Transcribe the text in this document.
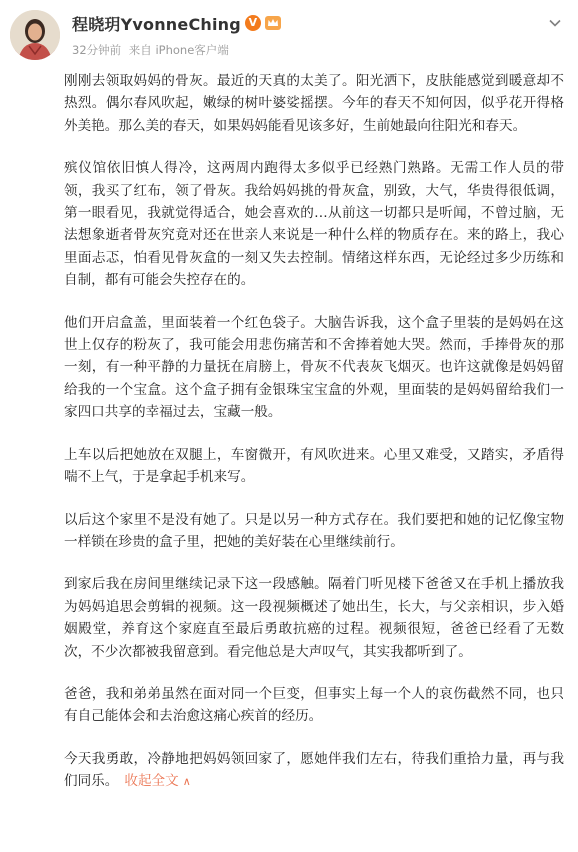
程晓玥YvonneChing V
32分钟前 来自 iPhone客户端

刚刚去领取妈妈的骨灰。最近的天真的太美了。阳光洒下，皮肤能感觉到暖意却不热烈。偶尔春风吹起，嫩绿的树叶婆娑摇摆。今年的春天不知何因，似乎花开得格外美艳。那么美的春天，如果妈妈能看见该多好，生前她最向往阳光和春天。

殡仪馆依旧慎人得冷，这两周内跑得太多似乎已经熟门熟路。无需工作人员的带领，我买了红布，领了骨灰。我给妈妈挑的骨灰盒，别致，大气，华贵得很低调，第一眼看见，我就觉得适合，她会喜欢的…从前这一切都只是听闻，不曾过脑，无法想象逝者骨灰究竟对还在世亲人来说是一种什么样的物质存在。来的路上，我心里面忐忑，怕看见骨灰盒的一刻又失去控制。情绪这样东西，无论经过多少历练和自制，都有可能会失控存在的。

他们开启盒盖，里面装着一个红色袋子。大脑告诉我，这个盒子里装的是妈妈在这世上仅存的粉灰了，我可能会用悲伤痛苦和不舍捧着她大哭。然而，手捧骨灰的那一刻，有一种平静的力量抚在肩膀上，骨灰不代表灰飞烟灭。也许这就像是妈妈留给我的一个宝盒。这个盒子拥有金银珠宝宝盒的外观，里面装的是妈妈留给我们一家四口共享的幸福过去，宝藏一般。

上车以后把她放在双腿上，车窗微开，有风吹进来。心里又难受，又踏实，矛盾得喘不上气，于是拿起手机来写。

以后这个家里不是没有她了。只是以另一种方式存在。我们要把和她的记忆像宝物一样锁在珍贵的盒子里，把她的美好装在心里继续前行。

到家后我在房间里继续记录下这一段感触。隔着门听见楼下爸爸又在手机上播放我为妈妈追思会剪辑的视频。这一段视频概述了她出生，长大，与父亲相识，步入婚姻殿堂，养育这个家庭直至最后勇敢抗癌的过程。视频很短，爸爸已经看了无数次，不少次都被我留意到。看完他总是大声叹气，其实我都听到了。

爸爸，我和弟弟虽然在面对同一个巨变，但事实上每一个人的哀伤截然不同，也只有自己能体会和去治愈这痛心疾首的经历。

今天我勇敢，冷静地把妈妈领回家了，愿她伴我们左右，待我们重拾力量，再与我们同乐。 收起全文 ∧
